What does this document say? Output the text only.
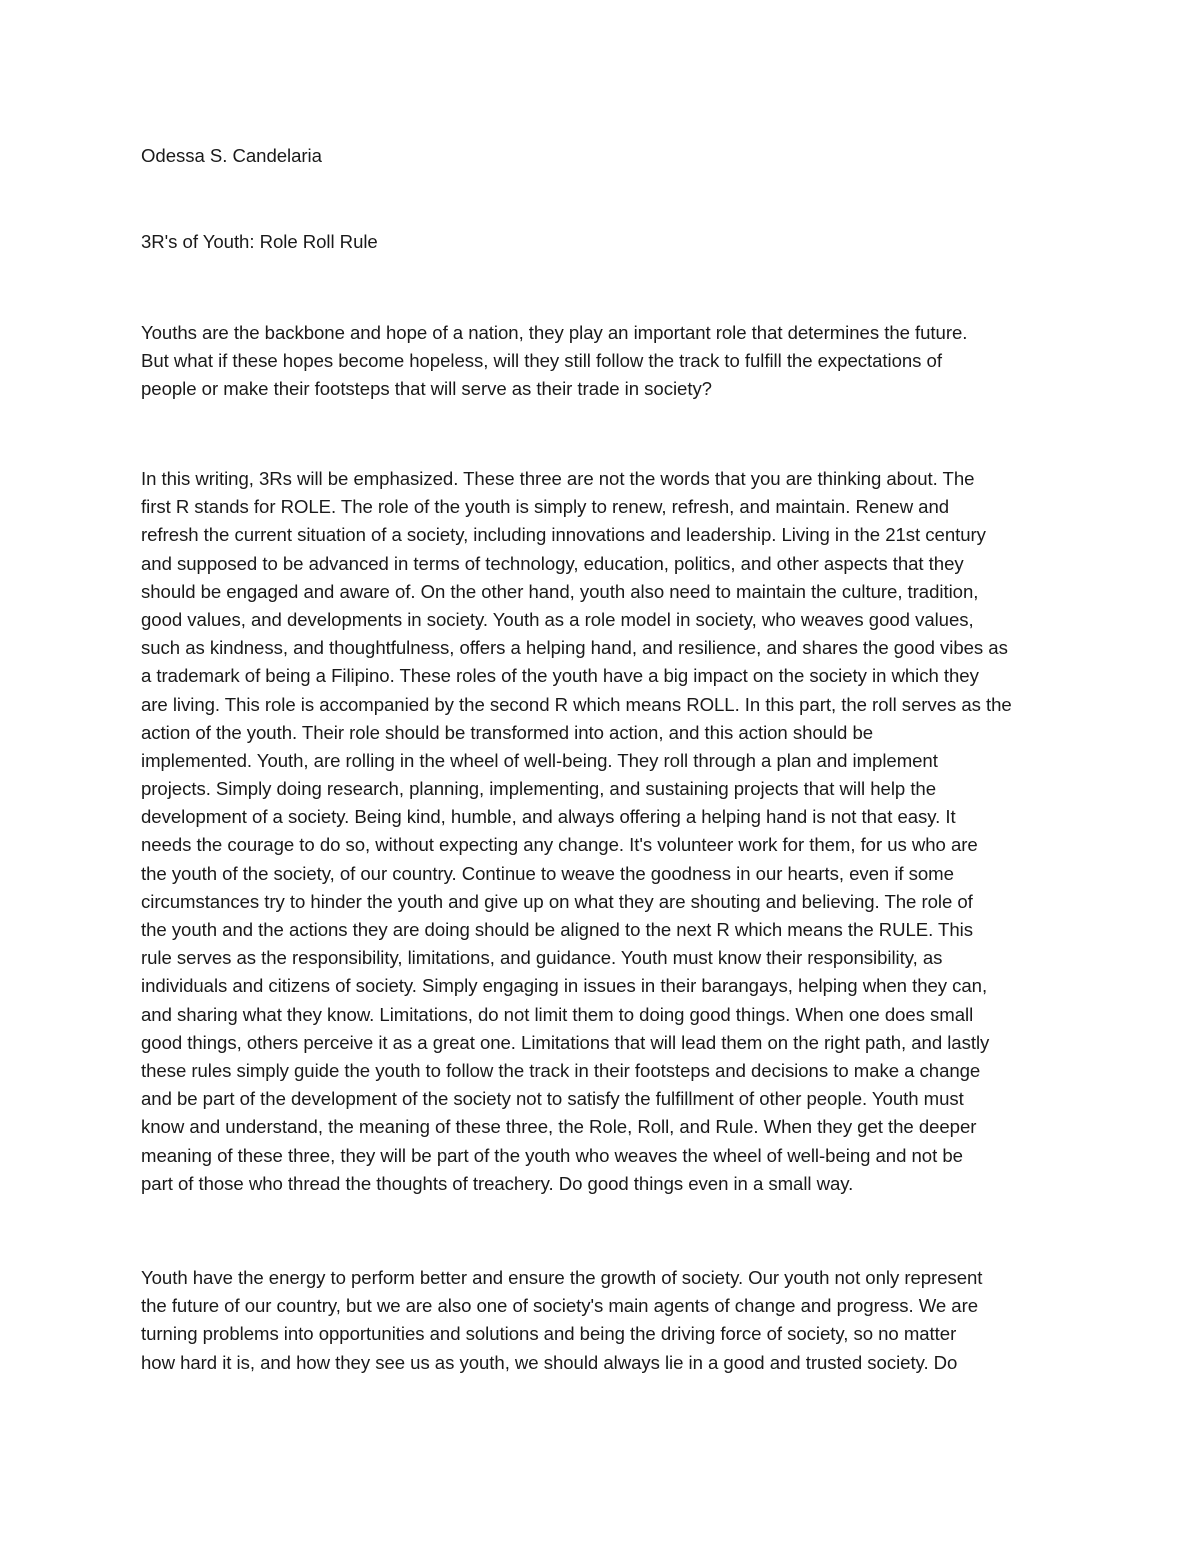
Odessa S. Candelaria
3R's of Youth: Role Roll Rule
Youths are the backbone and hope of a nation, they play an important role that determines the future.
But what if these hopes become hopeless, will they still follow the track to fulfill the expectations of
people or make their footsteps that will serve as their trade in society?
In this writing, 3Rs will be emphasized. These three are not the words that you are thinking about. The
first R stands for ROLE. The role of the youth is simply to renew, refresh, and maintain. Renew and
refresh the current situation of a society, including innovations and leadership. Living in the 21st century
and supposed to be advanced in terms of technology, education, politics, and other aspects that they
should be engaged and aware of. On the other hand, youth also need to maintain the culture, tradition,
good values, and developments in society. Youth as a role model in society, who weaves good values,
such as kindness, and thoughtfulness, offers a helping hand, and resilience, and shares the good vibes as
a trademark of being a Filipino. These roles of the youth have a big impact on the society in which they
are living. This role is accompanied by the second R which means ROLL. In this part, the roll serves as the
action of the youth. Their role should be transformed into action, and this action should be
implemented. Youth, are rolling in the wheel of well-being. They roll through a plan and implement
projects. Simply doing research, planning, implementing, and sustaining projects that will help the
development of a society. Being kind, humble, and always offering a helping hand is not that easy. It
needs the courage to do so, without expecting any change. It's volunteer work for them, for us who are
the youth of the society, of our country. Continue to weave the goodness in our hearts, even if some
circumstances try to hinder the youth and give up on what they are shouting and believing. The role of
the youth and the actions they are doing should be aligned to the next R which means the RULE. This
rule serves as the responsibility, limitations, and guidance. Youth must know their responsibility, as
individuals and citizens of society. Simply engaging in issues in their barangays, helping when they can,
and sharing what they know. Limitations, do not limit them to doing good things. When one does small
good things, others perceive it as a great one. Limitations that will lead them on the right path, and lastly
these rules simply guide the youth to follow the track in their footsteps and decisions to make a change
and be part of the development of the society not to satisfy the fulfillment of other people. Youth must
know and understand, the meaning of these three, the Role, Roll, and Rule. When they get the deeper
meaning of these three, they will be part of the youth who weaves the wheel of well-being and not be
part of those who thread the thoughts of treachery. Do good things even in a small way.
Youth have the energy to perform better and ensure the growth of society. Our youth not only represent
the future of our country, but we are also one of society's main agents of change and progress. We are
turning problems into opportunities and solutions and being the driving force of society, so no matter
how hard it is, and how they see us as youth, we should always lie in a good and trusted society. Do
